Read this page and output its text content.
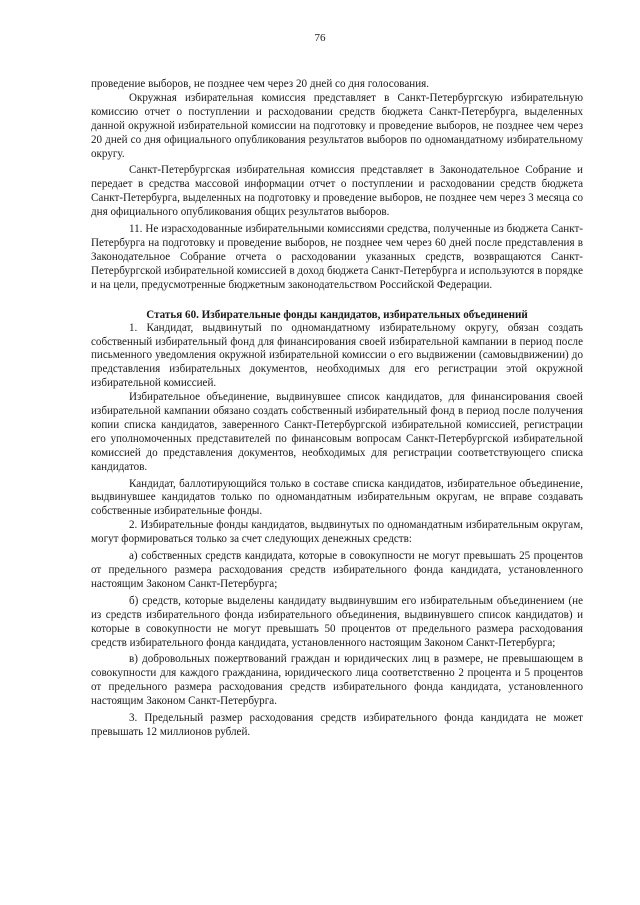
76

проведение выборов, не позднее чем через 20 дней со дня голосования.

Окружная избирательная комиссия представляет в Санкт-Петербургскую избирательную комиссию отчет о поступлении и расходовании средств бюджета Санкт-Петербурга, выделенных данной окружной избирательной комиссии на подготовку и проведение выборов, не позднее чем через 20 дней со дня официального опубликования результатов выборов по одномандатному избирательному округу.

Санкт-Петербургская избирательная комиссия представляет в Законодательное Собрание и передает в средства массовой информации отчет о поступлении и расходовании средств бюджета Санкт-Петербурга, выделенных на подготовку и проведение выборов, не позднее чем через 3 месяца со дня официального опубликования общих результатов выборов.

11. Не израсходованные избирательными комиссиями средства, полученные из бюджета Санкт-Петербурга на подготовку и проведение выборов, не позднее чем через 60 дней после представления в Законодательное Собрание отчета о расходовании указанных средств, возвращаются Санкт-Петербургской избирательной комиссией в доход бюджета Санкт-Петербурга и используются в порядке и на цели, предусмотренные бюджетным законодательством Российской Федерации.

Статья 60. Избирательные фонды кандидатов, избирательных объединений

1. Кандидат, выдвинутый по одномандатному избирательному округу, обязан создать собственный избирательный фонд для финансирования своей избирательной кампании в период после письменного уведомления окружной избирательной комиссии о его выдвижении (самовыдвижении) до представления избирательных документов, необходимых для его регистрации этой окружной избирательной комиссией.

Избирательное объединение, выдвинувшее список кандидатов, для финансирования своей избирательной кампании обязано создать собственный избирательный фонд в период после получения копии списка кандидатов, заверенного Санкт-Петербургской избирательной комиссией, регистрации его уполномоченных представителей по финансовым вопросам Санкт-Петербургской избирательной комиссией до представления документов, необходимых для регистрации соответствующего списка кандидатов.

Кандидат, баллотирующийся только в составе списка кандидатов, избирательное объединение, выдвинувшее кандидатов только по одномандатным избирательным округам, не вправе создавать собственные избирательные фонды.

2. Избирательные фонды кандидатов, выдвинутых по одномандатным избирательным округам, могут формироваться только за счет следующих денежных средств:

а) собственных средств кандидата, которые в совокупности не могут превышать 25 процентов от предельного размера расходования средств избирательного фонда кандидата, установленного настоящим Законом Санкт-Петербурга;

б) средств, которые выделены кандидату выдвинувшим его избирательным объединением (не из средств избирательного фонда избирательного объединения, выдвинувшего список кандидатов) и которые в совокупности не могут превышать 50 процентов от предельного размера расходования средств избирательного фонда кандидата, установленного настоящим Законом Санкт-Петербурга;

в) добровольных пожертвований граждан и юридических лиц в размере, не превышающем в совокупности для каждого гражданина, юридического лица соответственно 2 процента и 5 процентов от предельного размера расходования средств избирательного фонда кандидата, установленного настоящим Законом Санкт-Петербурга.

3. Предельный размер расходования средств избирательного фонда кандидата не может превышать 12 миллионов рублей.
